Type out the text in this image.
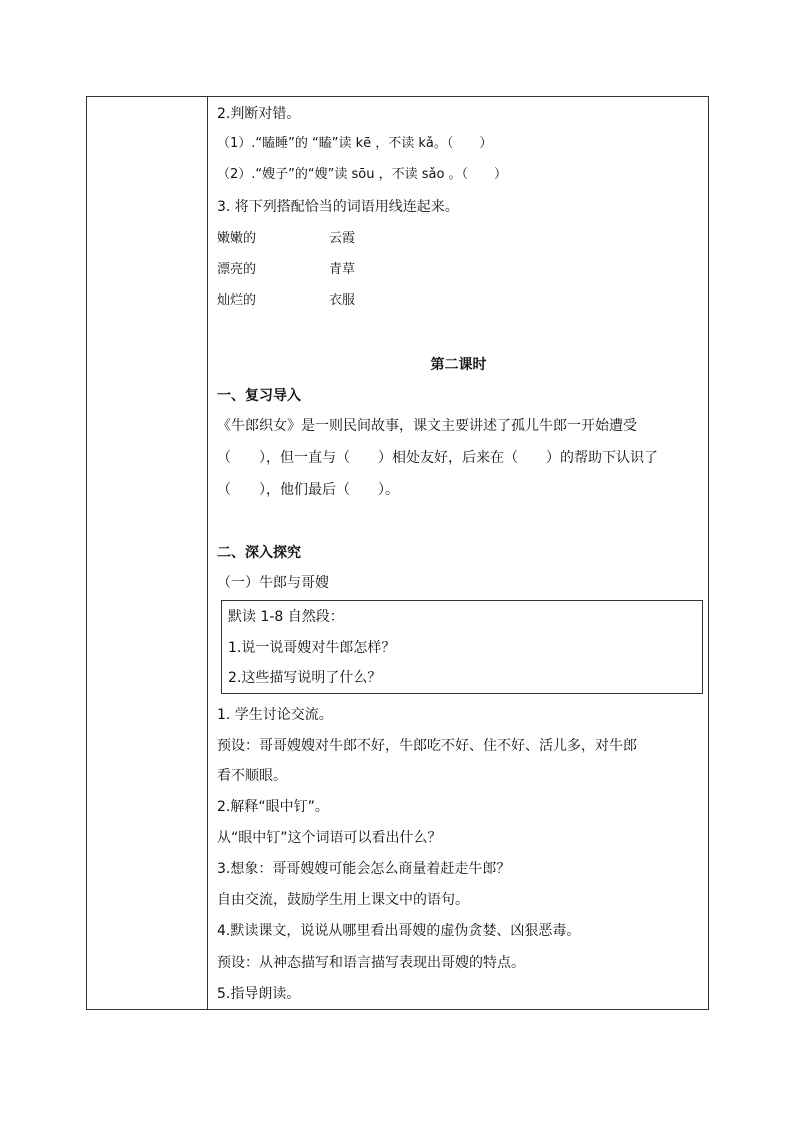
2.判断对错。
（1）.“瞌睡”的 “瞌”读 kē ，不读 kǎ。（　　）
（2）.“嫂子”的“嫂”读 sōu ，不读 sǎo 。（　　）
3. 将下列搭配恰当的词语用线连起来。
嫩嫩的	云霞
漂亮的	青草
灿烂的	衣服
第二课时
一、复习导入
《牛郎织女》是一则民间故事，课文主要讲述了孤儿牛郎一开始遭受
（　　），但一直与（　　）相处友好，后来在（　　）的帮助下认识了
（　　），他们最后（　　）。
二、深入探究
（一）牛郎与哥嫂
默读 1-8 自然段：
1.说一说哥嫂对牛郎怎样？
2.这些描写说明了什么？
1. 学生讨论交流。
预设：哥哥嫂嫂对牛郎不好，牛郎吃不好、住不好、活儿多，对牛郎
看不顺眼。
2.解释“眼中钉”。
从“眼中钉”这个词语可以看出什么？
3.想象：哥哥嫂嫂可能会怎么商量着赶走牛郎？
自由交流，鼓励学生用上课文中的语句。
4.默读课文，说说从哪里看出哥嫂的虚伪贪婪、凶狠恶毒。
预设：从神态描写和语言描写表现出哥嫂的特点。
5.指导朗读。
